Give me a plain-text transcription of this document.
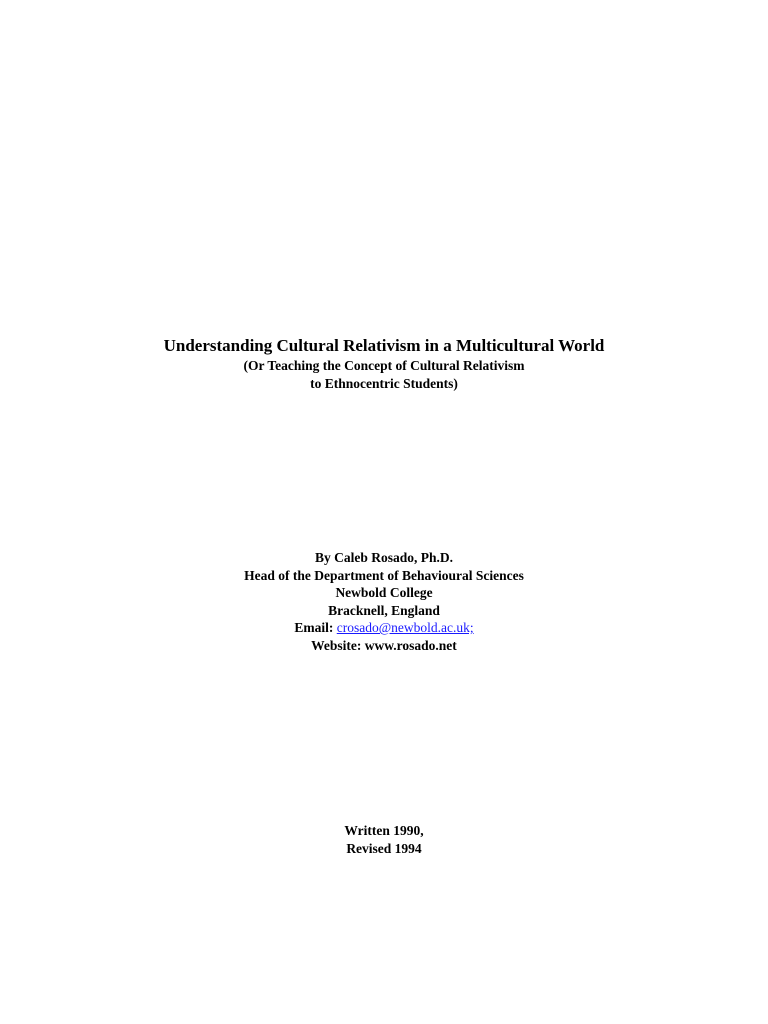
Understanding Cultural Relativism in a Multicultural World

(Or Teaching the Concept of Cultural Relativism

to Ethnocentric Students)

By Caleb Rosado, Ph.D.

Head of the Department of Behavioural Sciences

Newbold College

Bracknell, England

Email: crosado@newbold.ac.uk;

Website: www.rosado.net

Written 1990,

Revised 1994
